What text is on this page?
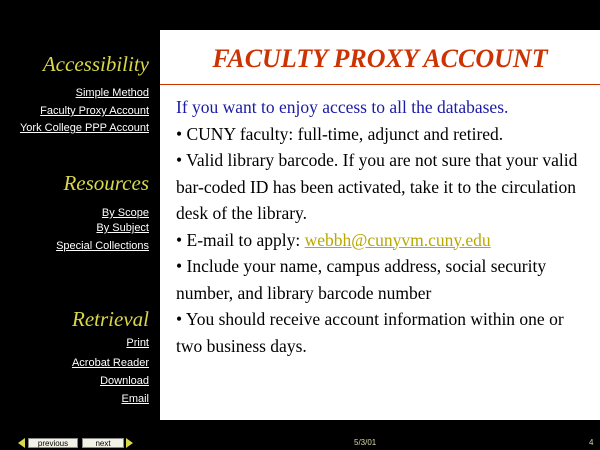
Accessibility
Simple Method
Faculty Proxy Account
York College PPP Account
Resources
By Scope
By Subject
Special Collections
Retrieval
Print
Acrobat Reader
Download
Email
FACULTY PROXY ACCOUNT
If you want to enjoy access to all the databases.
• CUNY faculty: full-time, adjunct and retired.
• Valid library barcode. If you are not sure that your valid bar-coded ID has been activated, take it to the circulation desk of the library.
• E-mail to apply: webbh@cunyvm.cuny.edu
• Include your name, campus address, social security number, and library barcode number
• You should receive account information within one or two business days.
previous	next	5/3/01	4
